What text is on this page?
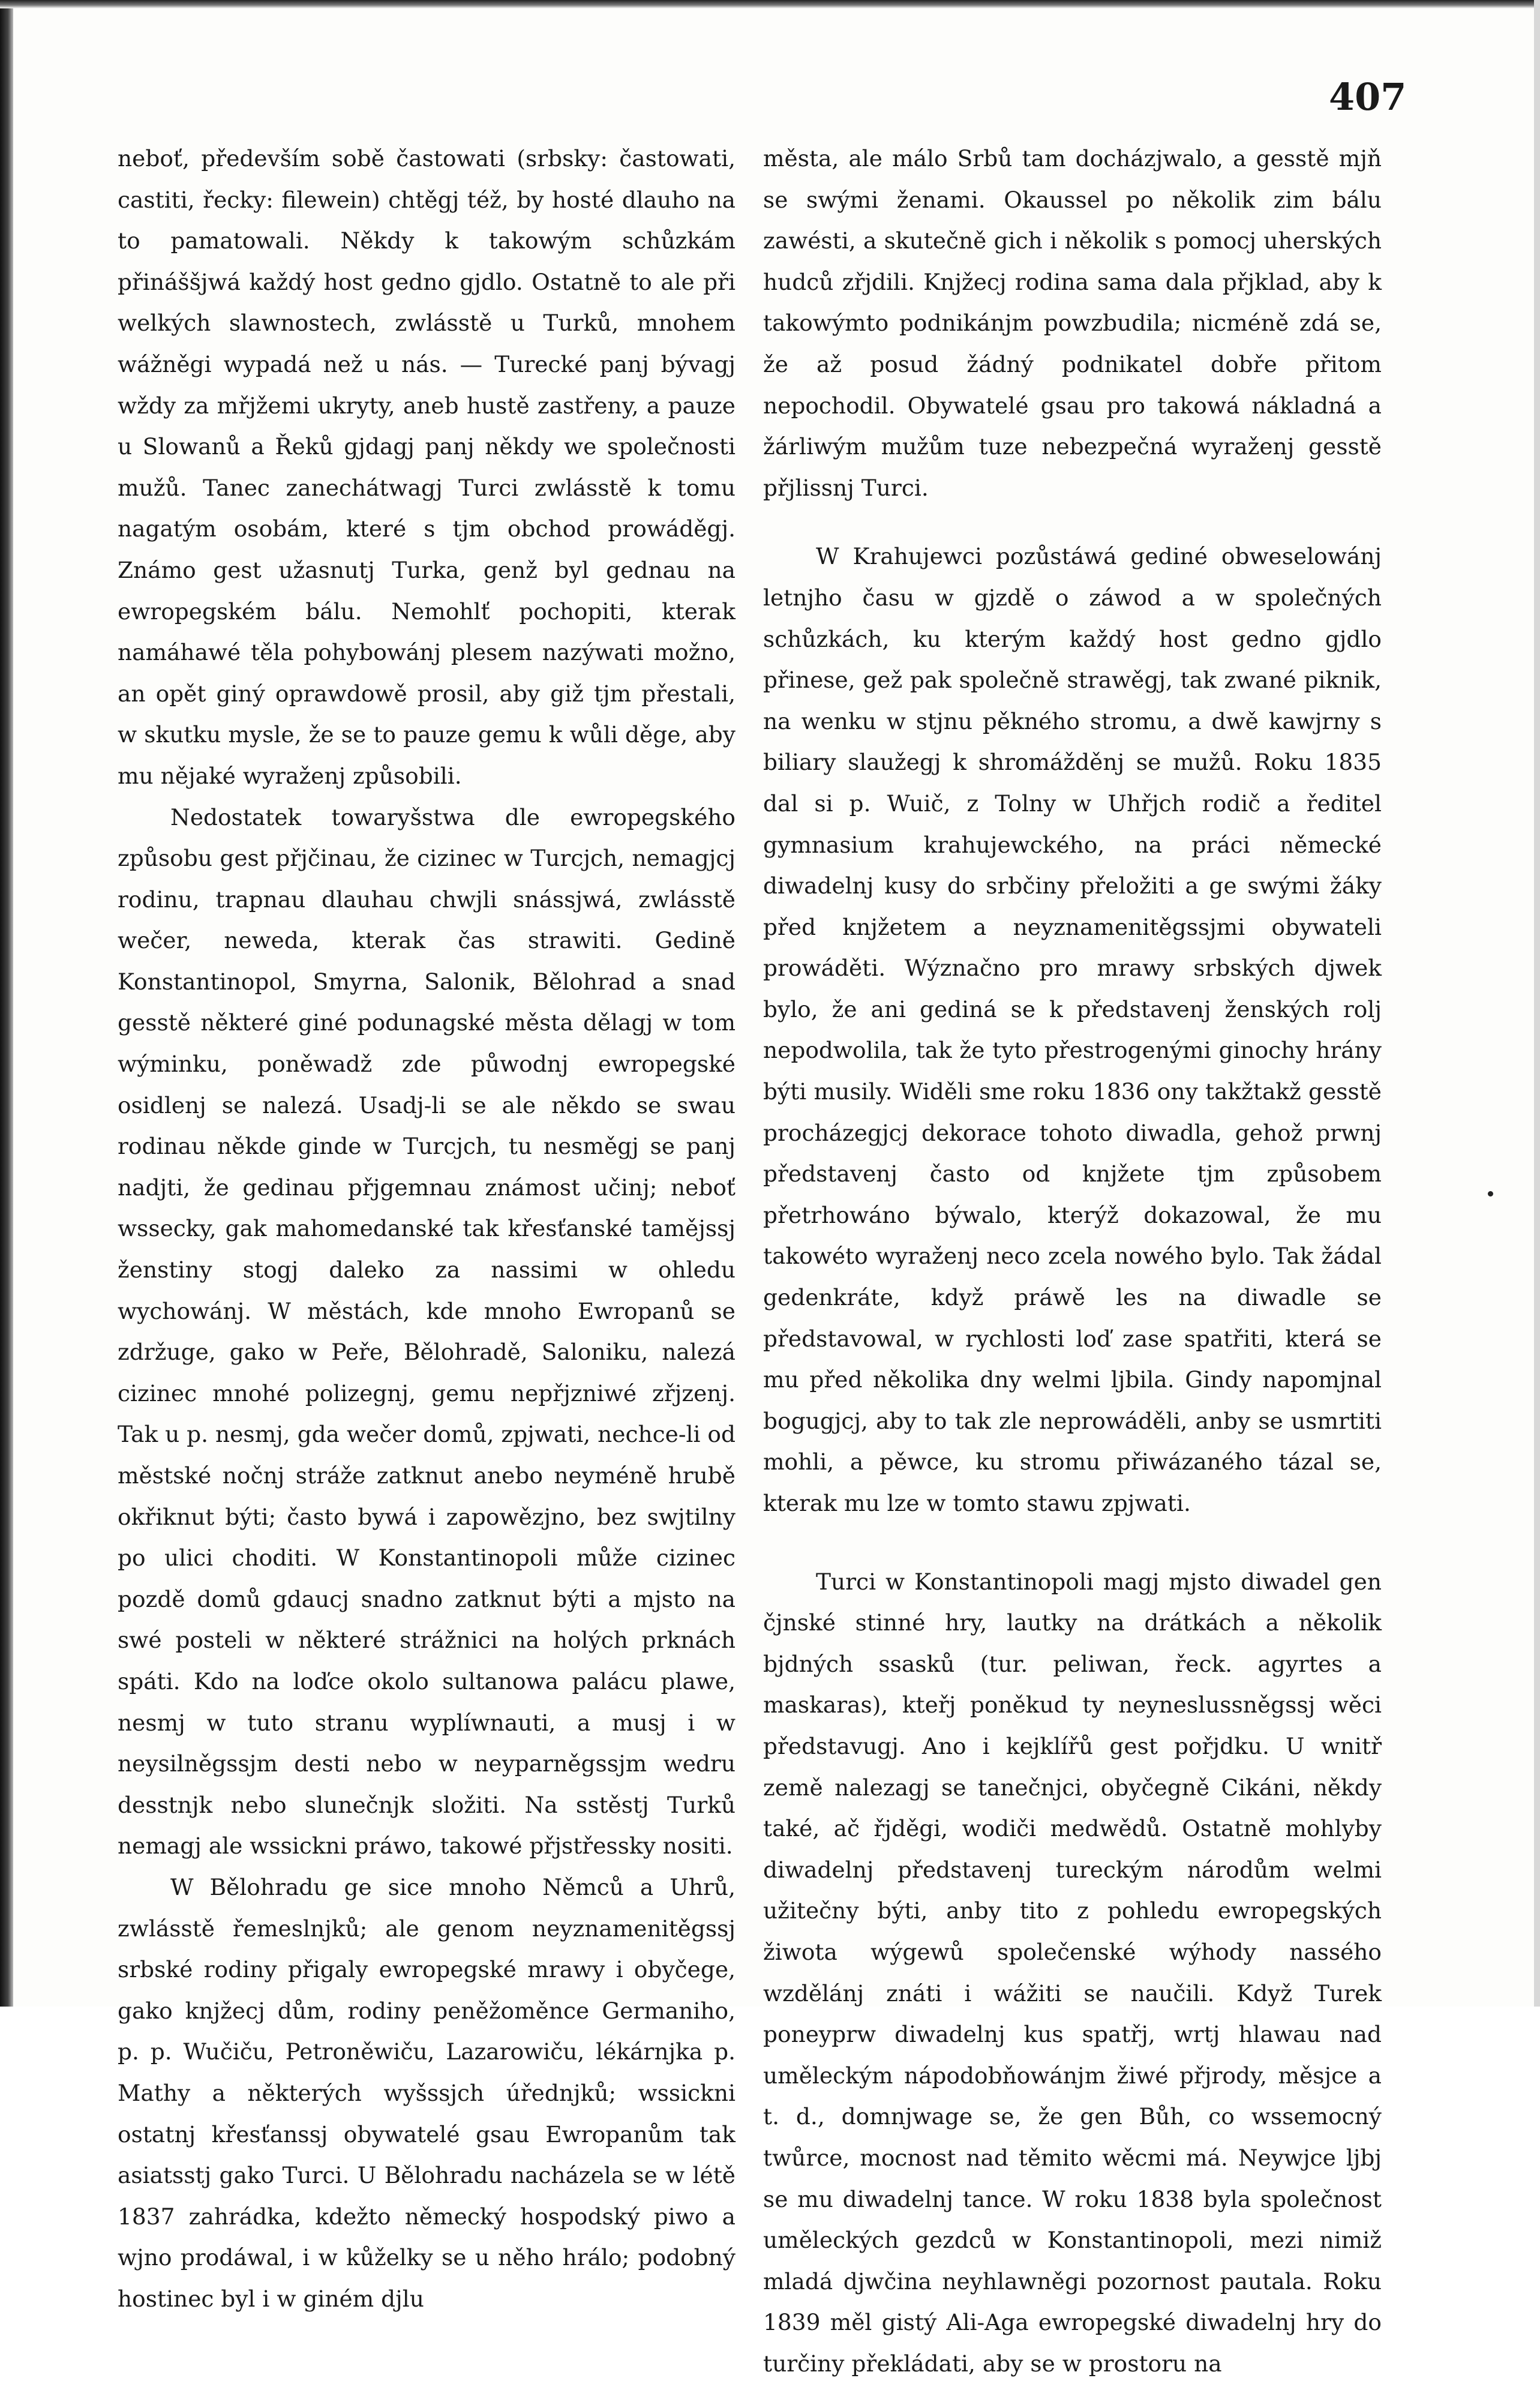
407

neboť, především sobě častowati (srbsky: častowati, castiti, řecky: filewein) chtěgj též, by hosté dlauho na to pamatowali. Někdy k takowým schůzkám přináššjwá každý host gedno gjdlo. Ostatně to ale při welkých slawnostech, zwlásstě u Turků, mnohem wážněgi wypadá než u nás. — Turecké panj bývagj wždy za mřjžemi ukryty, aneb hustě zastřeny, a pauze u Slowanů a Řeků gjdagj panj někdy we společnosti mužů. Tanec zanechátwagj Turci zwlásstě k tomu nagatým osobám, které s tjm obchod prowáděgj. Známo gest užasnutj Turka, genž byl gednau na ewropegském bálu. Nemohlť pochopiti, kterak namáhawé těla pohybowánj plesem nazýwati možno, an opět giný oprawdowě prosil, aby giž tjm přestali, w skutku mysle, že se to pauze gemu k wůli děge, aby mu nějaké wyraženj způsobili.

Nedostatek towaryšstwa dle ewropegského způsobu gest přjčinau, že cizinec w Turcjch, nemagjcj rodinu, trapnau dlauhau chwjli snássjwá, zwlásstě wečer, neweda, kterak čas strawiti. Gedině Konstantinopol, Smyrna, Salonik, Bělohrad a snad gesstě některé giné podunagské města dělagj w tom wýminku, poněwadž zde půwodnj ewropegské osidlenj se nalezá. Usadj-li se ale někdo se swau rodinau někde ginde w Turcjch, tu nesměgj se panj nadjti, že gedinau přjgemnau známost učinj; neboť wssecky, gak mahomedanské tak křesťanské tamějssj ženstiny stogj daleko za nassimi w ohledu wychowánj. W městách, kde mnoho Ewropanů se zdržuge, gako w Peře, Bělohradě, Saloniku, nalezá cizinec mnohé polizegnj, gemu nepřjzniwé zřjzenj. Tak u p. nesmj, gda wečer domů, zpjwati, nechce-li od městské nočnj stráže zatknut anebo neyméně hrubě okřiknut býti; často bywá i zapowězjno, bez swjtilny po ulici choditi. W Konstantinopoli může cizinec pozdě domů gdaucj snadno zatknut býti a mjsto na swé posteli w některé strážnici na holých prknách spáti. Kdo na loďce okolo sultanowa palácu plawe, nesmj w tuto stranu wyplíwnauti, a musj i w neysilněgssjm desti nebo w neyparněgssjm wedru desstnjk nebo slunečnjk složiti. Na sstěstj Turků nemagj ale wssickni práwo, takowé přjstřessky nositi.

W Bělohradu ge sice mnoho Němců a Uhrů, zwlásstě řemeslnjků; ale genom neyznamenitěgssj srbské rodiny přigaly ewropegské mrawy i obyčege, gako knjžecj dům, rodiny peněžoměnce Germaniho, p. p. Wučiču, Petroněwiču, Lazarowiču, lékárnjka p. Mathy a některých wyšssjch úřednjků; wssickni ostatnj křesťanssj obywatelé gsau Ewropanům tak asiatsstj gako Turci. U Bělohradu nacházela se w létě 1837 zahrádka, kdežto německý hospodský piwo a wjno prodáwal, i w kůželky se u něho hrálo; podobný hostinec byl i w giném djlu

města, ale málo Srbů tam docházjwalo, a gesstě mjň se swými ženami. Okaussel po několik zim bálu zawésti, a skutečně gich i několik s pomocj uherských hudců zřjdili. Knjžecj rodina sama dala přjklad, aby k takowýmto podnikánjm powzbudila; nicméně zdá se, že až posud žádný podnikatel dobře přitom nepochodil. Obywatelé gsau pro takowá nákladná a žárliwým mužům tuze nebezpečná wyraženj gesstě přjlissnj Turci.

W Krahujewci pozůstáwá gediné obweselowánj letnjho času w gjzdě o záwod a w společných schůzkách, ku kterým každý host gedno gjdlo přinese, gež pak společně strawěgj, tak zwané piknik, na wenku w stjnu pěkného stromu, a dwě kawjrny s biliary slaužegj k shromážděnj se mužů. Roku 1835 dal si p. Wuič, z Tolny w Uhřjch rodič a ředitel gymnasium krahujewckého, na práci německé diwadelnj kusy do srbčiny přeložiti a ge swými žáky před knjžetem a neyznamenitěgssjmi obywateli prowáděti. Wýznačno pro mrawy srbských djwek bylo, že ani gediná se k představenj ženských rolj nepodwolila, tak že tyto přestrogenými ginochy hrány býti musily. Widěli sme roku 1836 ony takžtakž gesstě procházegjcj dekorace tohoto diwadla, gehož prwnj představenj často od knjžete tjm způsobem přetrhowáno býwalo, kterýž dokazowal, že mu takowéto wyraženj neco zcela nowého bylo. Tak žádal gedenkráte, když práwě les na diwadle se představowal, w rychlosti loď zase spatřiti, která se mu před několika dny welmi ljbila. Gindy napomjnal bogugjcj, aby to tak zle neprowáděli, anby se usmrtiti mohli, a pěwce, ku stromu přiwázaného tázal se, kterak mu lze w tomto stawu zpjwati.

Turci w Konstantinopoli magj mjsto diwadel gen čjnské stinné hry, lautky na drátkách a několik bjdných ssasků (tur. peliwan, řeck. agyrtes a maskaras), kteřj poněkud ty neyneslussněgssj wěci představugj. Ano i kejklířů gest pořjdku. U wnitř země nalezagj se tanečnjci, obyčegně Cikáni, někdy také, ač řjděgi, wodiči medwědů. Ostatně mohlyby diwadelnj představenj tureckým národům welmi užitečny býti, anby tito z pohledu ewropegských žiwota wýgewů společenské wýhody nassého wzdělánj znáti i wážiti se naučili. Když Turek poneyprw diwadelnj kus spatřj, wrtj hlawau nad uměleckým nápodobňowánjm žiwé přjrody, měsjce a t. d., domnjwage se, že gen Bůh, co wssemocný twůrce, mocnost nad těmito wěcmi má. Neywjce ljbj se mu diwadelnj tance. W roku 1838 byla společnost uměleckých gezdců w Konstantinopoli, mezi nimiž mladá djwčina neyhlawněgi pozornost pautala. Roku 1839 měl gistý Ali-Aga ewropegské diwadelnj hry do turčiny překládati, aby se w prostoru na
